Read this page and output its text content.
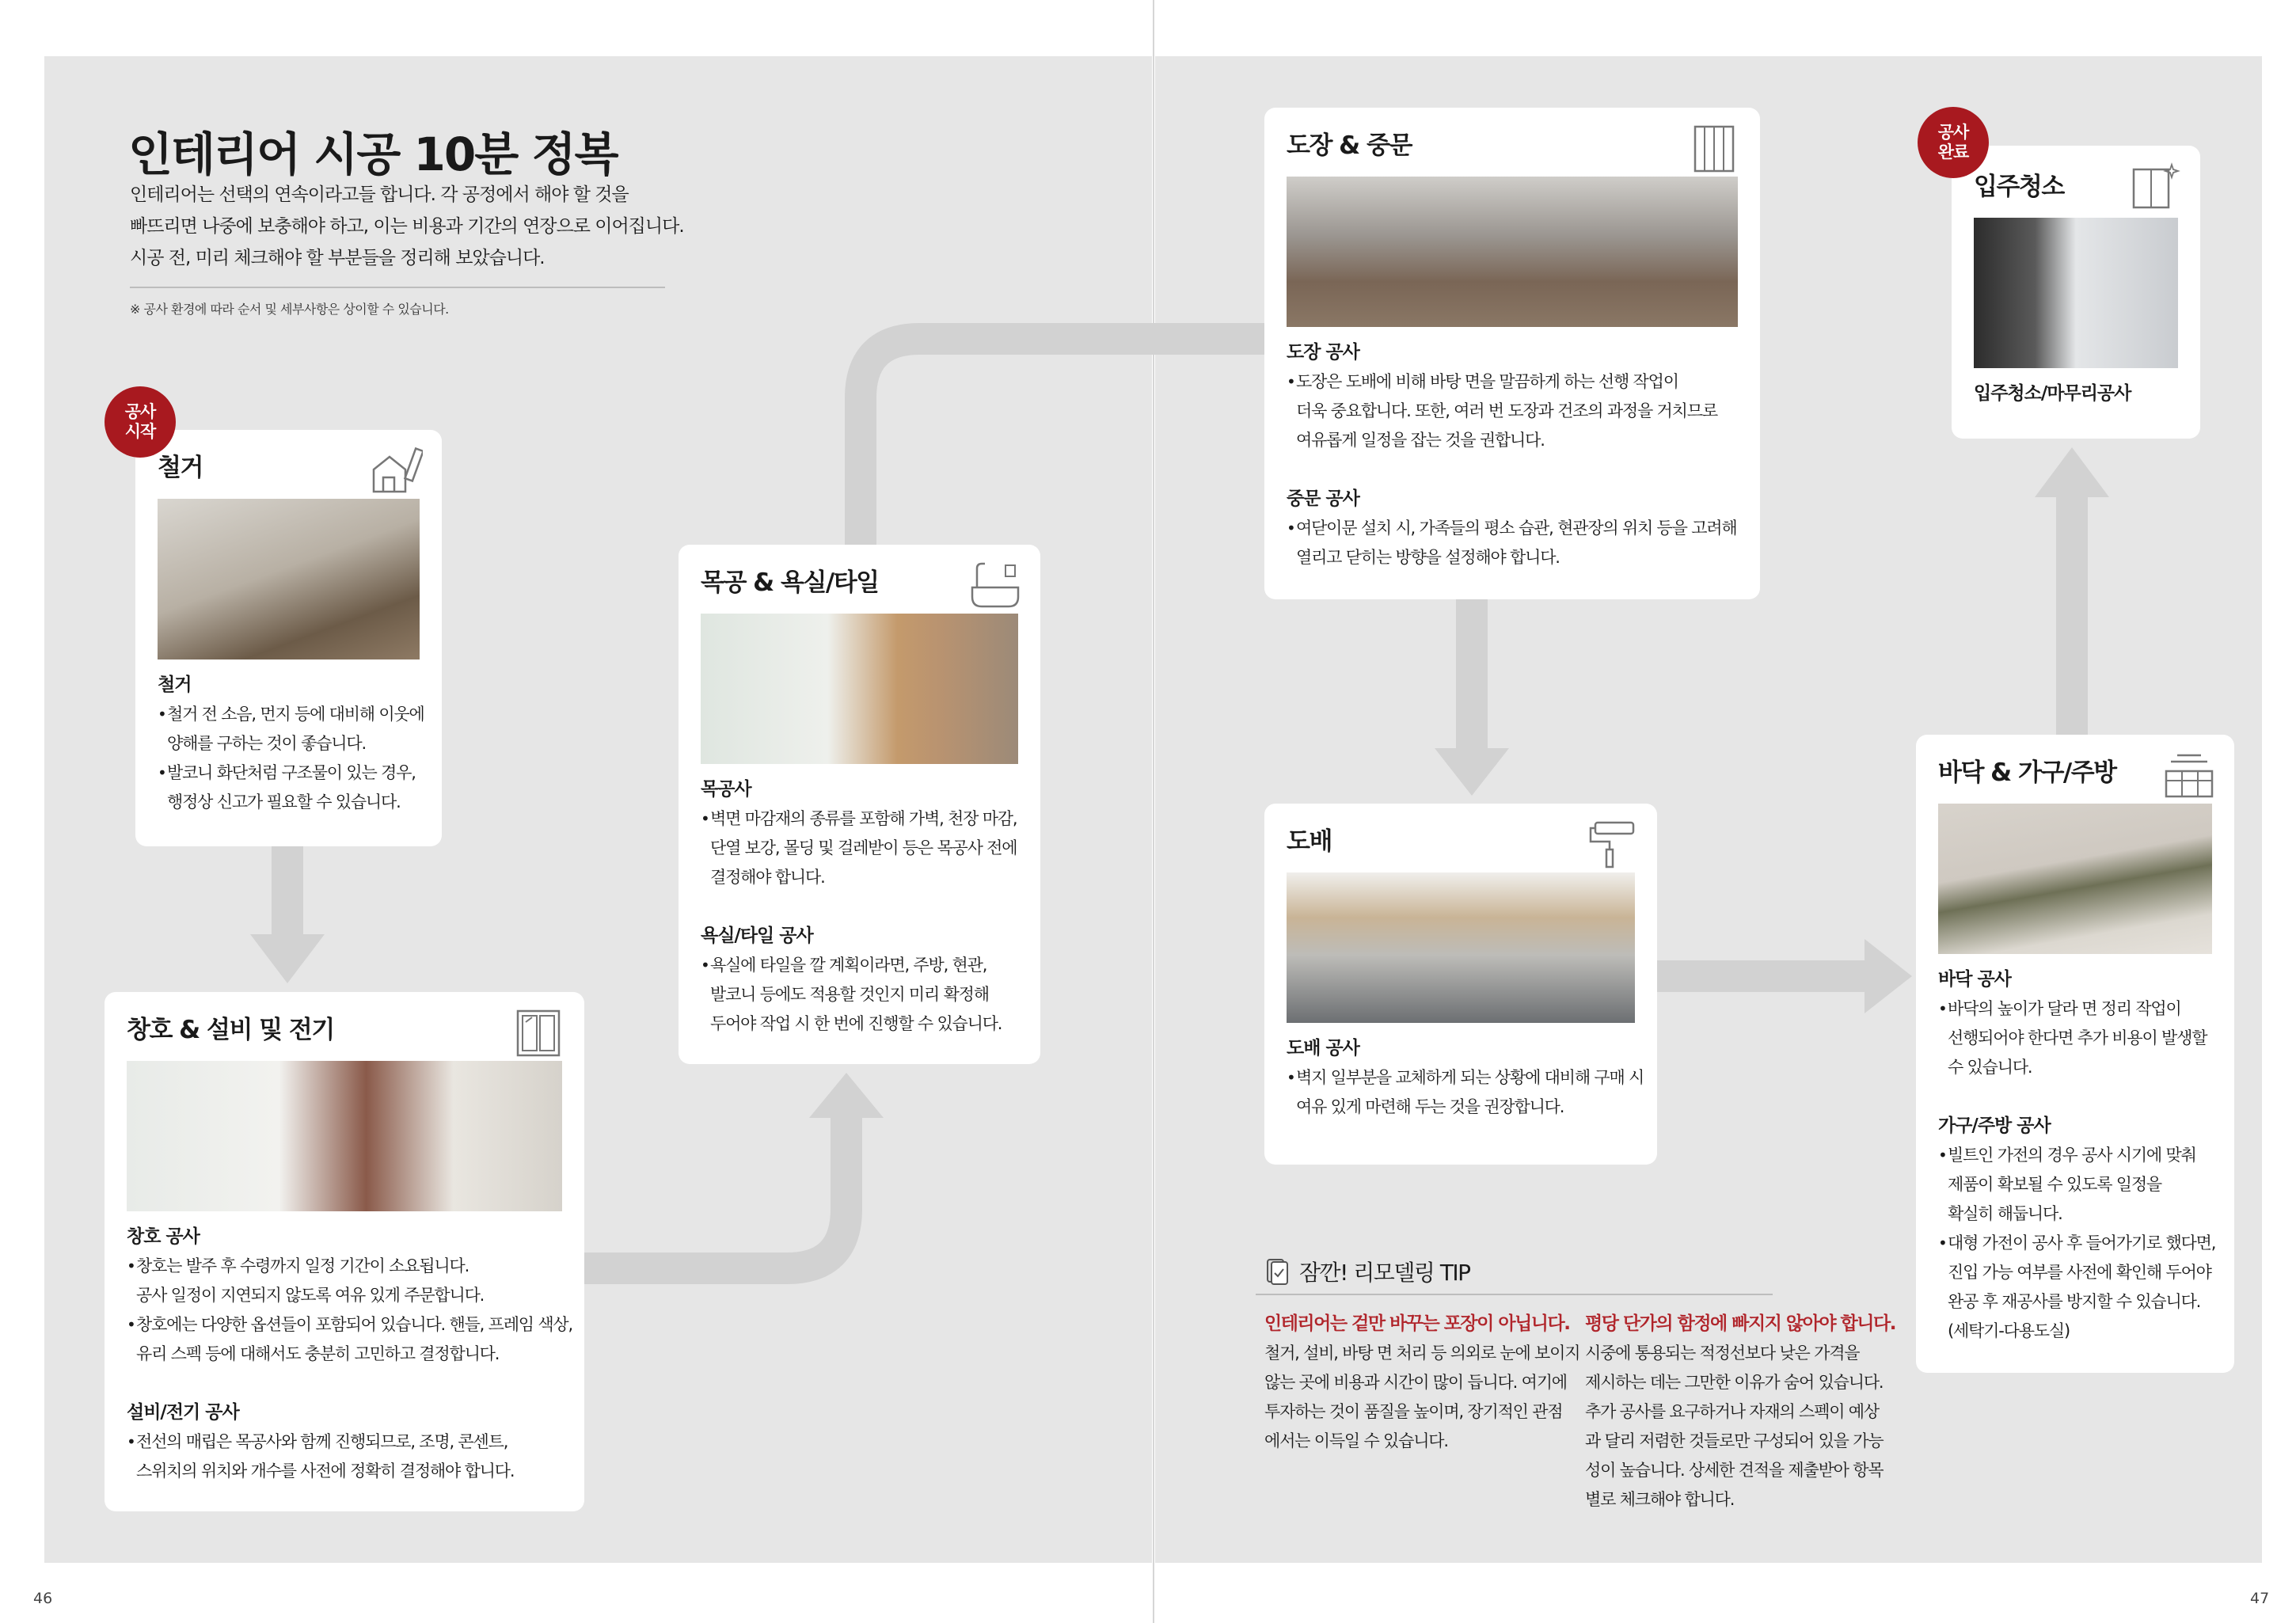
46	47
인테리어 시공 10분 정복
인테리어는 선택의 연속이라고들 합니다. 각 공정에서 해야 할 것을
빠뜨리면 나중에 보충해야 하고, 이는 비용과 기간의 연장으로 이어집니다.
시공 전, 미리 체크해야 할 부분들을 정리해 보았습니다.
※ 공사 환경에 따라 순서 및 세부사항은 상이할 수 있습니다.
공사
시작
공사
완료
철거
철거
• 철거 전 소음, 먼지 등에 대비해 이웃에
양해를 구하는 것이 좋습니다.
• 발코니 화단처럼 구조물이 있는 경우,
행정상 신고가 필요할 수 있습니다.
창호 & 설비 및 전기
창호 공사
• 창호는 발주 후 수령까지 일정 기간이 소요됩니다.
공사 일정이 지연되지 않도록 여유 있게 주문합니다.
• 창호에는 다양한 옵션들이 포함되어 있습니다. 핸들, 프레임 색상,
유리 스펙 등에 대해서도 충분히 고민하고 결정합니다.
설비/전기 공사
• 전선의 매립은 목공사와 함께 진행되므로, 조명, 콘센트,
스위치의 위치와 개수를 사전에 정확히 결정해야 합니다.
목공 & 욕실/타일
목공사
• 벽면 마감재의 종류를 포함해 가벽, 천장 마감,
단열 보강, 몰딩 및 걸레받이 등은 목공사 전에
결정해야 합니다.
욕실/타일 공사
• 욕실에 타일을 깔 계획이라면, 주방, 현관,
발코니 등에도 적용할 것인지 미리 확정해
두어야 작업 시 한 번에 진행할 수 있습니다.
도장 & 중문
도장 공사
• 도장은 도배에 비해 바탕 면을 말끔하게 하는 선행 작업이
더욱 중요합니다. 또한, 여러 번 도장과 건조의 과정을 거치므로
여유롭게 일정을 잡는 것을 권합니다.
중문 공사
• 여닫이문 설치 시, 가족들의 평소 습관, 현관장의 위치 등을 고려해
열리고 닫히는 방향을 설정해야 합니다.
도배
도배 공사
• 벽지 일부분을 교체하게 되는 상황에 대비해 구매 시
여유 있게 마련해 두는 것을 권장합니다.
바닥 & 가구/주방
바닥 공사
• 바닥의 높이가 달라 면 정리 작업이
선행되어야 한다면 추가 비용이 발생할
수 있습니다.
가구/주방 공사
• 빌트인 가전의 경우 공사 시기에 맞춰
제품이 확보될 수 있도록 일정을
확실히 해둡니다.
• 대형 가전이 공사 후 들어가기로 했다면,
진입 가능 여부를 사전에 확인해 두어야
완공 후 재공사를 방지할 수 있습니다.
(세탁기-다용도실)
입주청소
입주청소/마무리공사
잠깐! 리모델링 TIP
인테리어는 겉만 바꾸는 포장이 아닙니다.
철거, 설비, 바탕 면 처리 등 의외로 눈에 보이지
않는 곳에 비용과 시간이 많이 듭니다. 여기에
투자하는 것이 품질을 높이며, 장기적인 관점
에서는 이득일 수 있습니다.
평당 단가의 함정에 빠지지 않아야 합니다.
시중에 통용되는 적정선보다 낮은 가격을
제시하는 데는 그만한 이유가 숨어 있습니다.
추가 공사를 요구하거나 자재의 스펙이 예상
과 달리 저렴한 것들로만 구성되어 있을 가능
성이 높습니다. 상세한 견적을 제출받아 항목
별로 체크해야 합니다.
